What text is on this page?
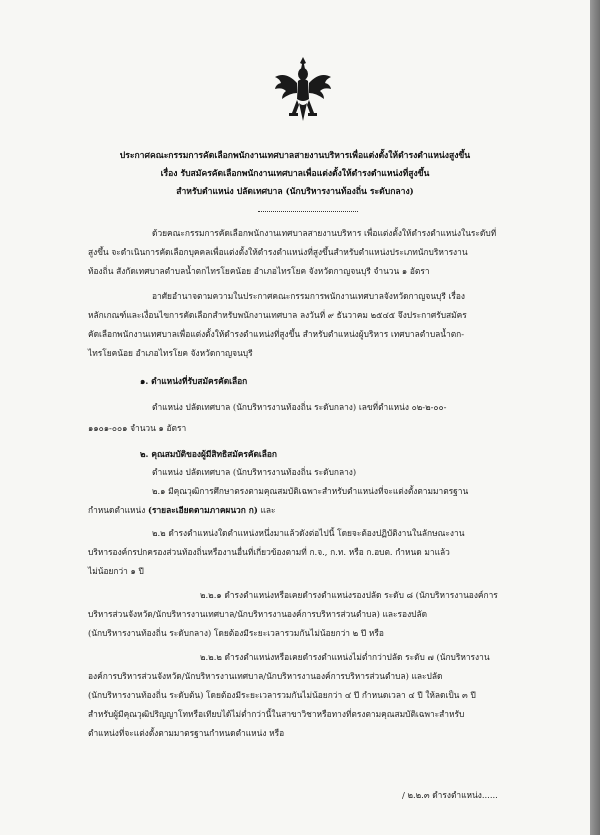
ประกาศคณะกรรมการคัดเลือกพนักงานเทศบาลสายงานบริหารเพื่อแต่งตั้งให้ดำรงตำแหน่งสูงขึ้น
เรื่อง รับสมัครคัดเลือกพนักงานเทศบาลเพื่อแต่งตั้งให้ดำรงตำแหน่งที่สูงขึ้น
สำหรับตำแหน่ง ปลัดเทศบาล (นักบริหารงานท้องถิ่น ระดับกลาง)
ด้วยคณะกรรมการคัดเลือกพนักงานเทศบาลสายงานบริหาร เพื่อแต่งตั้งให้ดำรงตำแหน่งในระดับที่
สูงขึ้น จะดำเนินการคัดเลือกบุคคลเพื่อแต่งตั้งให้ดำรงตำแหน่งที่สูงขึ้นสำหรับตำแหน่งประเภทนักบริหารงาน
ท้องถิ่น สังกัดเทศบาลตำบลน้ำตกไทรโยคน้อย อำเภอไทรโยค จังหวัดกาญจนบุรี จำนวน ๑ อัตรา
อาศัยอำนาจตามความในประกาศคณะกรรมการพนักงานเทศบาลจังหวัดกาญจนบุรี เรื่อง
หลักเกณฑ์และเงื่อนไขการคัดเลือกสำหรับพนักงานเทศบาล ลงวันที่ ๙ ธันวาคม ๒๕๔๕ จึงประกาศรับสมัคร
คัดเลือกพนักงานเทศบาลเพื่อแต่งตั้งให้ดำรงตำแหน่งที่สูงขึ้น สำหรับตำแหน่งผู้บริหาร เทศบาลตำบลน้ำตก-
ไทรโยคน้อย อำเภอไทรโยค จังหวัดกาญจนบุรี
๑. ตำแหน่งที่รับสมัครคัดเลือก
ตำแหน่ง ปลัดเทศบาล (นักบริหารงานท้องถิ่น ระดับกลาง) เลขที่ตำแหน่ง ๐๒-๒-๐๐-
๑๑๐๑-๐๐๑ จำนวน ๑ อัตรา
๒. คุณสมบัติของผู้มีสิทธิสมัครคัดเลือก
ตำแหน่ง ปลัดเทศบาล (นักบริหารงานท้องถิ่น ระดับกลาง)
๒.๑ มีคุณวุฒิการศึกษาตรงตามคุณสมบัติเฉพาะสำหรับตำแหน่งที่จะแต่งตั้งตามมาตรฐาน
กำหนดตำแหน่ง (รายละเอียดตามภาคผนวก ก) และ
๒.๒ ดำรงตำแหน่งใดตำแหน่งหนึ่งมาแล้วดังต่อไปนี้ โดยจะต้องปฏิบัติงานในลักษณะงาน
บริหารองค์กรปกครองส่วนท้องถิ่นหรืองานอื่นที่เกี่ยวข้องตามที่ ก.จ., ก.ท. หรือ ก.อบต. กำหนด มาแล้ว
ไม่น้อยกว่า ๑ ปี
๒.๒.๑ ดำรงตำแหน่งหรือเคยดำรงตำแหน่งรองปลัด ระดับ ๘ (นักบริหารงานองค์การ
บริหารส่วนจังหวัด/นักบริหารงานเทศบาล/นักบริหารงานองค์การบริหารส่วนตำบล) และรองปลัด
(นักบริหารงานท้องถิ่น ระดับกลาง) โดยต้องมีระยะเวลารวมกันไม่น้อยกว่า ๒ ปี หรือ
๒.๒.๒ ดำรงตำแหน่งหรือเคยดำรงตำแหน่งไม่ต่ำกว่าปลัด ระดับ ๗ (นักบริหารงาน
องค์การบริหารส่วนจังหวัด/นักบริหารงานเทศบาล/นักบริหารงานองค์การบริหารส่วนตำบล) และปลัด
(นักบริหารงานท้องถิ่น ระดับต้น) โดยต้องมีระยะเวลารวมกันไม่น้อยกว่า ๔ ปี กำหนดเวลา ๔ ปี ให้ลดเป็น ๓ ปี
สำหรับผู้มีคุณวุฒิปริญญาโทหรือเทียบได้ไม่ต่ำกว่านี้ในสาขาวิชาหรือทางที่ตรงตามคุณสมบัติเฉพาะสำหรับ
ตำแหน่งที่จะแต่งตั้งตามมาตรฐานกำหนดตำแหน่ง หรือ
/ ๒.๒.๓ ดำรงตำแหน่ง......
